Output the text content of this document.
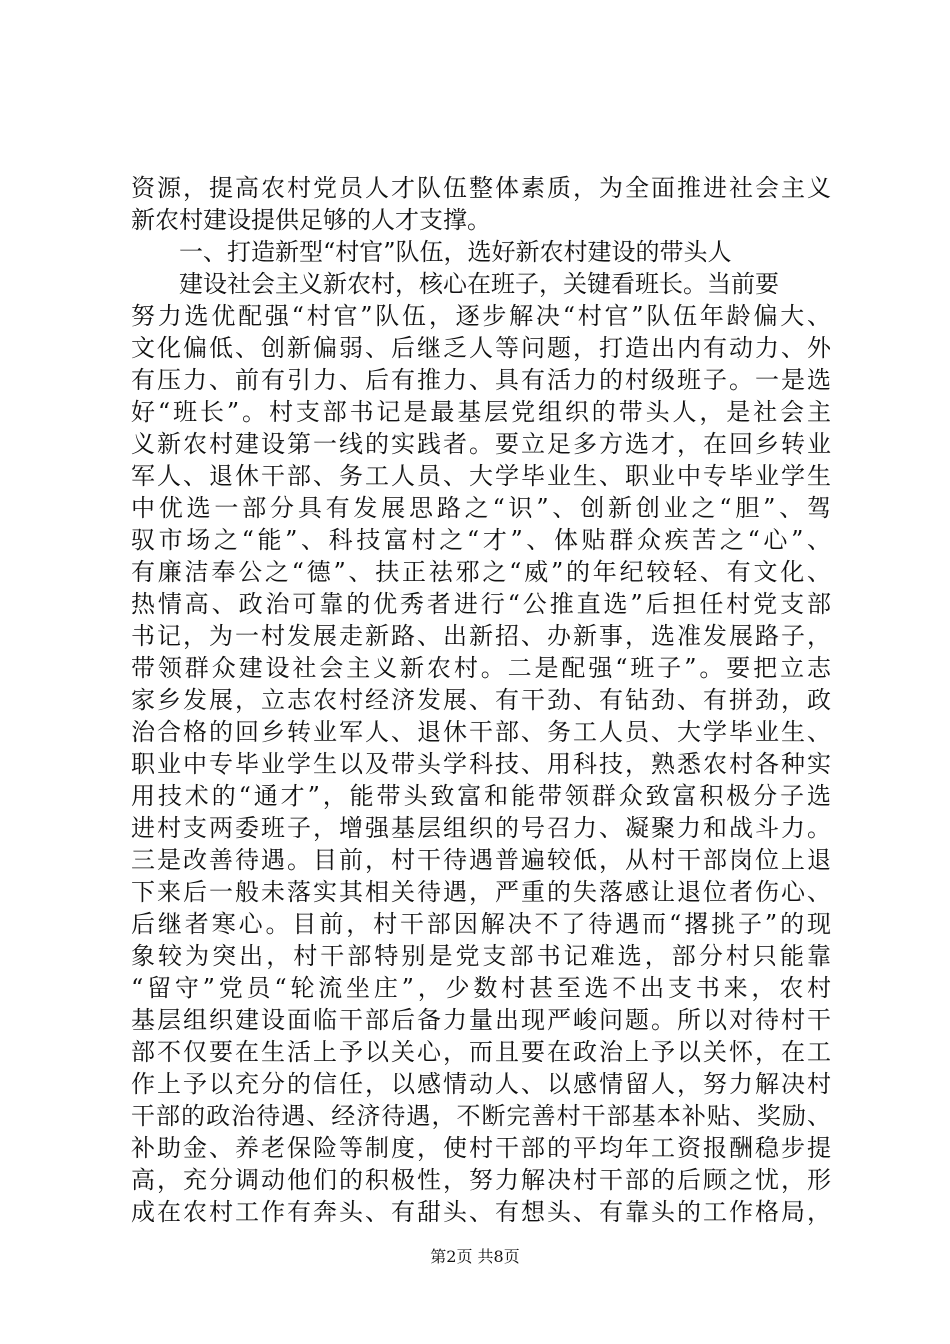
资源，提高农村党员人才队伍整体素质，为全面推进社会主义
新农村建设提供足够的人才支撑。
一、打造新型“村官”队伍，选好新农村建设的带头人
建设社会主义新农村，核心在班子，关键看班长。当前要
努力选优配强“村官”队伍，逐步解决“村官”队伍年龄偏大、
文化偏低、创新偏弱、后继乏人等问题，打造出内有动力、外
有压力、前有引力、后有推力、具有活力的村级班子。一是选
好“班长”。村支部书记是最基层党组织的带头人，是社会主
义新农村建设第一线的实践者。要立足多方选才，在回乡转业
军人、退休干部、务工人员、大学毕业生、职业中专毕业学生
中优选一部分具有发展思路之“识”、创新创业之“胆”、驾
驭市场之“能”、科技富村之“才”、体贴群众疾苦之“心”、
有廉洁奉公之“德”、扶正祛邪之“威”的年纪较轻、有文化、
热情高、政治可靠的优秀者进行“公推直选”后担任村党支部
书记，为一村发展走新路、出新招、办新事，选准发展路子，
带领群众建设社会主义新农村。二是配强“班子”。要把立志
家乡发展，立志农村经济发展、有干劲、有钻劲、有拼劲，政
治合格的回乡转业军人、退休干部、务工人员、大学毕业生、
职业中专毕业学生以及带头学科技、用科技，熟悉农村各种实
用技术的“通才”，能带头致富和能带领群众致富积极分子选
进村支两委班子，增强基层组织的号召力、凝聚力和战斗力。
三是改善待遇。目前，村干待遇普遍较低，从村干部岗位上退
下来后一般未落实其相关待遇，严重的失落感让退位者伤心、
后继者寒心。目前，村干部因解决不了待遇而“撂挑子”的现
象较为突出，村干部特别是党支部书记难选，部分村只能靠
“留守”党员“轮流坐庄”，少数村甚至选不出支书来，农村
基层组织建设面临干部后备力量出现严峻问题。所以对待村干
部不仅要在生活上予以关心，而且要在政治上予以关怀，在工
作上予以充分的信任，以感情动人、以感情留人，努力解决村
干部的政治待遇、经济待遇，不断完善村干部基本补贴、奖励、
补助金、养老保险等制度，使村干部的平均年工资报酬稳步提
高，充分调动他们的积极性，努力解决村干部的后顾之忧，形
成在农村工作有奔头、有甜头、有想头、有靠头的工作格局，
第2页 共8页
